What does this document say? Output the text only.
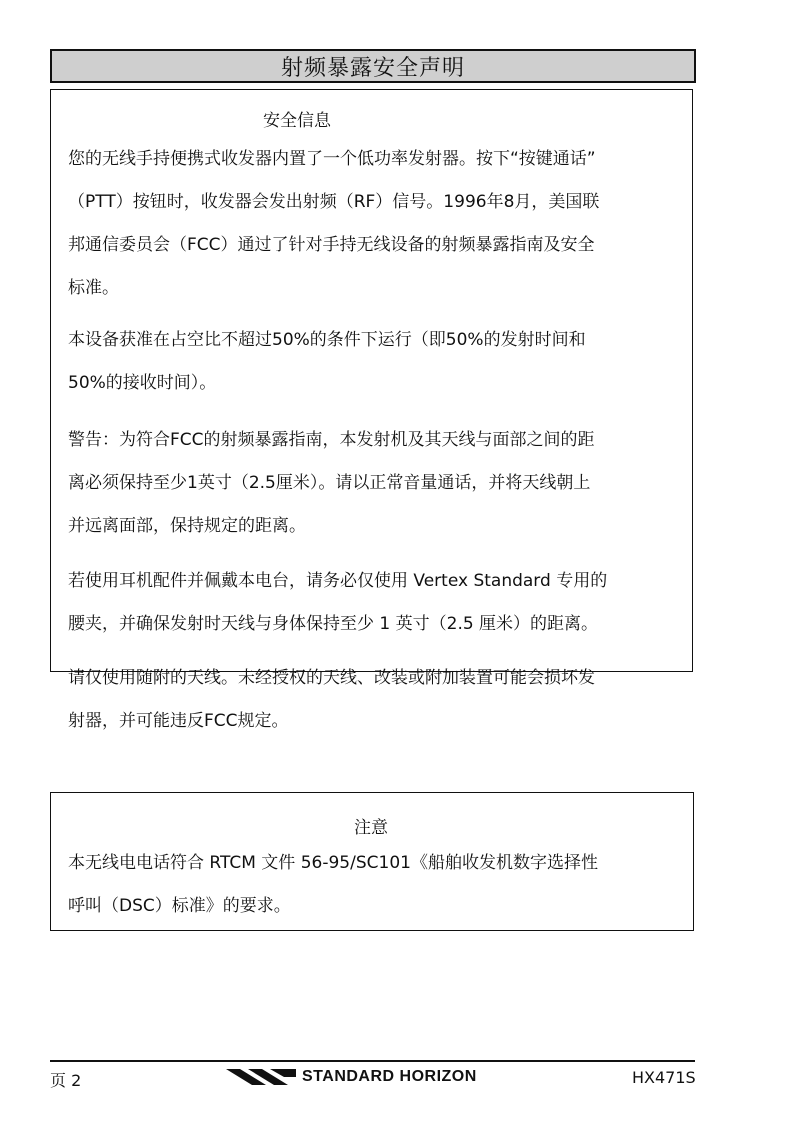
射频暴露安全声明
安全信息

您的无线手持便携式收发器内置了一个低功率发射器。按下“按键通话”
（PTT）按钮时，收发器会发出射频（RF）信号。1996年8月，美国联
邦通信委员会（FCC）通过了针对手持无线设备的射频暴露指南及安全
标准。

本设备获准在占空比不超过50%的条件下运行（即50%的发射时间和
50%的接收时间）。

警告：为符合FCC的射频暴露指南，本发射机及其天线与面部之间的距
离必须保持至少1英寸（2.5厘米）。请以正常音量通话，并将天线朝上
并远离面部，保持规定的距离。

若使用耳机配件并佩戴本电台，请务必仅使用 Vertex Standard 专用的
腰夹，并确保发射时天线与身体保持至少 1 英寸（2.5 厘米）的距离。

请仅使用随附的天线。未经授权的天线、改装或附加装置可能会损坏发
射器，并可能违反FCC规定。

注意

本无线电电话符合 RTCM 文件 56-95/SC101《船舶收发机数字选择性
呼叫（DSC）标准》的要求。

页 2	STANDARD HORIZON	HX471S
